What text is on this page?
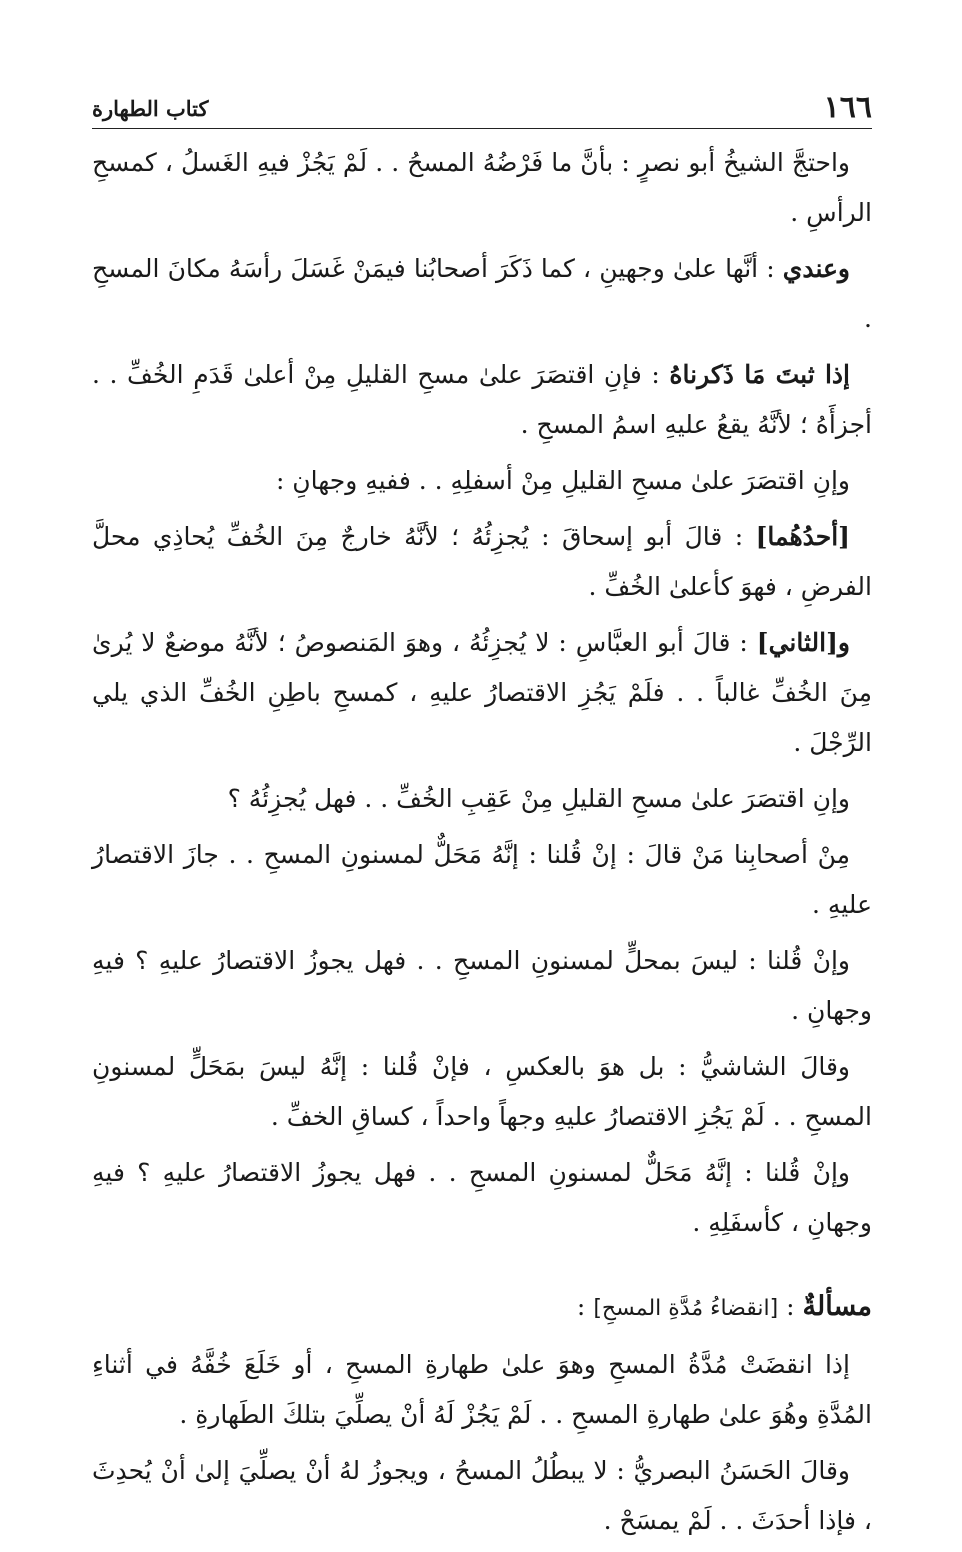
١٦٦
كتاب الطهارة

واحتجَّ الشيخُ أبو نصرٍ : بأنَّ ما فَرْضُهُ المسحُ . . لَمْ يَجُزْ فيهِ الغَسلُ ، كمسحِ الرأسِ .

وعندي : أنَّها علىٰ وجهينِ ، كما ذَكَرَ أصحابُنا فيمَنْ غَسَلَ رأسَهُ مكانَ المسحِ .

إذا ثبتَ مَا ذَكرناهُ : فإنِ اقتصَرَ علىٰ مسحِ القليلِ مِنْ أعلىٰ قَدَمِ الخُفِّ . . أجزأَهُ ؛ لأنَّهُ يقعُ عليهِ اسمُ المسحِ .

وإنِ اقتصَرَ علىٰ مسحِ القليلِ مِنْ أسفلِهِ . . ففيهِ وجهانِ :

[أحدُهُما] : قالَ أبو إسحاقَ : يُجزِئُهُ ؛ لأنَّهُ خارجٌ مِنَ الخُفِّ يُحاذِي محلَّ الفرضِ ، فهوَ كأعلىٰ الخُفِّ .

و[الثاني] : قالَ أبو العبَّاسِ : لا يُجزِئُهُ ، وهوَ المَنصوصُ ؛ لأنَّهُ موضعٌ لا يُرىٰ مِنَ الخُفِّ غالباً . . فلَمْ يَجُزِ الاقتصارُ عليهِ ، كمسحِ باطِنِ الخُفِّ الذي يلي الرِّجْلَ .

وإنِ اقتصَرَ علىٰ مسحِ القليلِ مِنْ عَقِبِ الخُفِّ . . فهل يُجزِئُهُ ؟

مِنْ أصحابِنا مَنْ قالَ : إنْ قُلنا : إنَّهُ مَحَلٌّ لمسنونِ المسحِ . . جازَ الاقتصارُ عليهِ .

وإنْ قُلنا : ليسَ بمحلٍّ لمسنونِ المسحِ . . فهل يجوزُ الاقتصارُ عليهِ ؟ فيهِ وجهانِ .

وقالَ الشاشيُّ : بل هوَ بالعكسِ ، فإنْ قُلنا : إنَّهُ ليسَ بمَحَلٍّ لمسنونِ المسحِ . . لَمْ يَجُزِ الاقتصارُ عليهِ وجهاً واحداً ، كساقِ الخفِّ .

وإنْ قُلنا : إنَّهُ مَحَلٌّ لمسنونِ المسحِ . . فهل يجوزُ الاقتصارُ عليهِ ؟ فيهِ وجهانِ ، كأسفَلِهِ .

مسألةٌ : [انقضاءُ مُدَّةِ المسحِ] :

إذا انقضَتْ مُدَّةُ المسحِ وهوَ علىٰ طهارةِ المسحِ ، أو خَلَعَ خُفَّهُ في أثناءِ المُدَّةِ وهُوَ علىٰ طهارةِ المسحِ . . لَمْ يَجُزْ لَهُ أنْ يصلِّيَ بتلكَ الطَهارةِ .

وقالَ الحَسَنُ البصريُّ : لا يبطُلُ المسحُ ، ويجوزُ لهُ أنْ يصلِّيَ إلىٰ أنْ يُحدِثَ ، فإذا أحدَثَ . . لَمْ يمسَحْ .
